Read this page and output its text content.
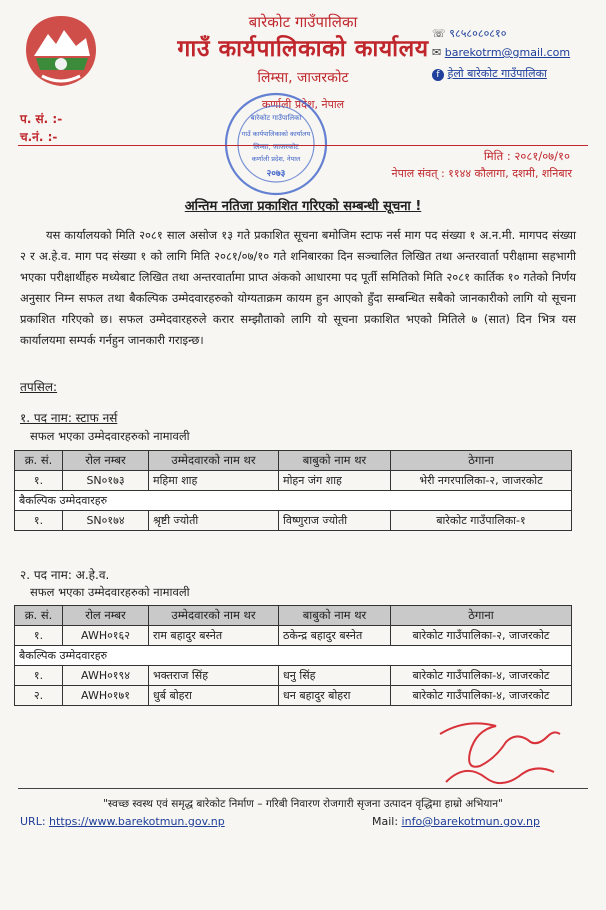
बारेकोट गाउँपालिका
गाउँ कार्यपालिकाको कार्यालय
लिम्सा, जाजरकोट
कर्णाली प्रदेश, नेपाल
☏ ९८५८०८०८१०
✉ barekotrm@gmail.com
f हेलो बारेकोट गाउँपालिका
प. सं. :-
च.नं. :-
बारेकोट गाउँपालिका
गाउँ कार्यपालिकाको कार्यालय
लिम्सा, जाजरकोट
कर्णाली प्रदेश, नेपाल
२०७३
मिति : २०८१/०७/१०
नेपाल संवत् : ११४४ कौलागा, दशमी, शनिबार
अन्तिम नतिजा प्रकाशित गरिएको सम्बन्धी सूचना !
यस कार्यालयको मिति २०८१ साल असोज १३ गते प्रकाशित सूचना बमोजिम स्टाफ नर्स माग पद संख्या १ अ.न.मी. मागपद संख्या २ र अ.हे.व. माग पद संख्या १ को लागि मिति २०८१/०७/१० गते शनिबारका दिन सञ्चालित लिखित तथा अन्तरवार्ता परीक्षामा सहभागी भएका परीक्षार्थीहरु मध्येबाट लिखित तथा अन्तरवार्तामा प्राप्त अंकको आधारमा पद पूर्ती समितिको मिति २०८१ कार्तिक १० गतेको निर्णय अनुसार निम्न सफल तथा बैकल्पिक उम्मेदवारहरुको योग्यताक्रम कायम हुन आएको हुँदा सम्बन्धित सबैको जानकारीको लागि यो सूचना प्रकाशित गरिएको छ। सफल उम्मेदवारहरुले करार सम्झौताको लागि यो सूचना प्रकाशित भएको मितिले ७ (सात) दिन भित्र यस कार्यालयमा सम्पर्क गर्नहुन जानकारी गराइन्छ।
तपसिल:
१. पद नाम: स्टाफ नर्स
सफल भएका उम्मेदवारहरुको नामावली
क्र. सं.	रोल नम्बर	उम्मेदवारको नाम थर	बाबुको नाम थर	ठेगाना
१.	SN०१७३	महिमा शाह	मोहन जंग शाह	भेरी नगरपालिका-२, जाजरकोट
बैकल्पिक उम्मेदवारहरु				
१.	SN०१७४	श्रृष्टी ज्योती	विष्णुराज ज्योती	बारेकोट गाउँपालिका-१
२. पद नाम: अ.हे.व.
सफल भएका उम्मेदवारहरुको नामावली
क्र. सं.	रोल नम्बर	उम्मेदवारको नाम थर	बाबुको नाम थर	ठेगाना
१.	AWH०१६२	राम बहादुर बस्नेत	ठकेन्द्र बहादुर बस्नेत	बारेकोट गाउँपालिका-२, जाजरकोट
बैकल्पिक उम्मेदवारहरु				
१.	AWH०१९४	भक्तराज सिंह	धनु सिंह	बारेकोट गाउँपालिका-४, जाजरकोट
२.	AWH०१७१	धुर्ब बोहरा	धन बहादुर बोहरा	बारेकोट गाउँपालिका-४, जाजरकोट
"स्वच्छ स्वस्थ एवं समृद्ध बारेकोट निर्माण – गरिबी निवारण रोजगारी सृजना उत्पादन वृद्धिमा हाम्रो अभियान"
URL: https://www.barekotmun.gov.np	Mail: info@barekotmun.gov.np
